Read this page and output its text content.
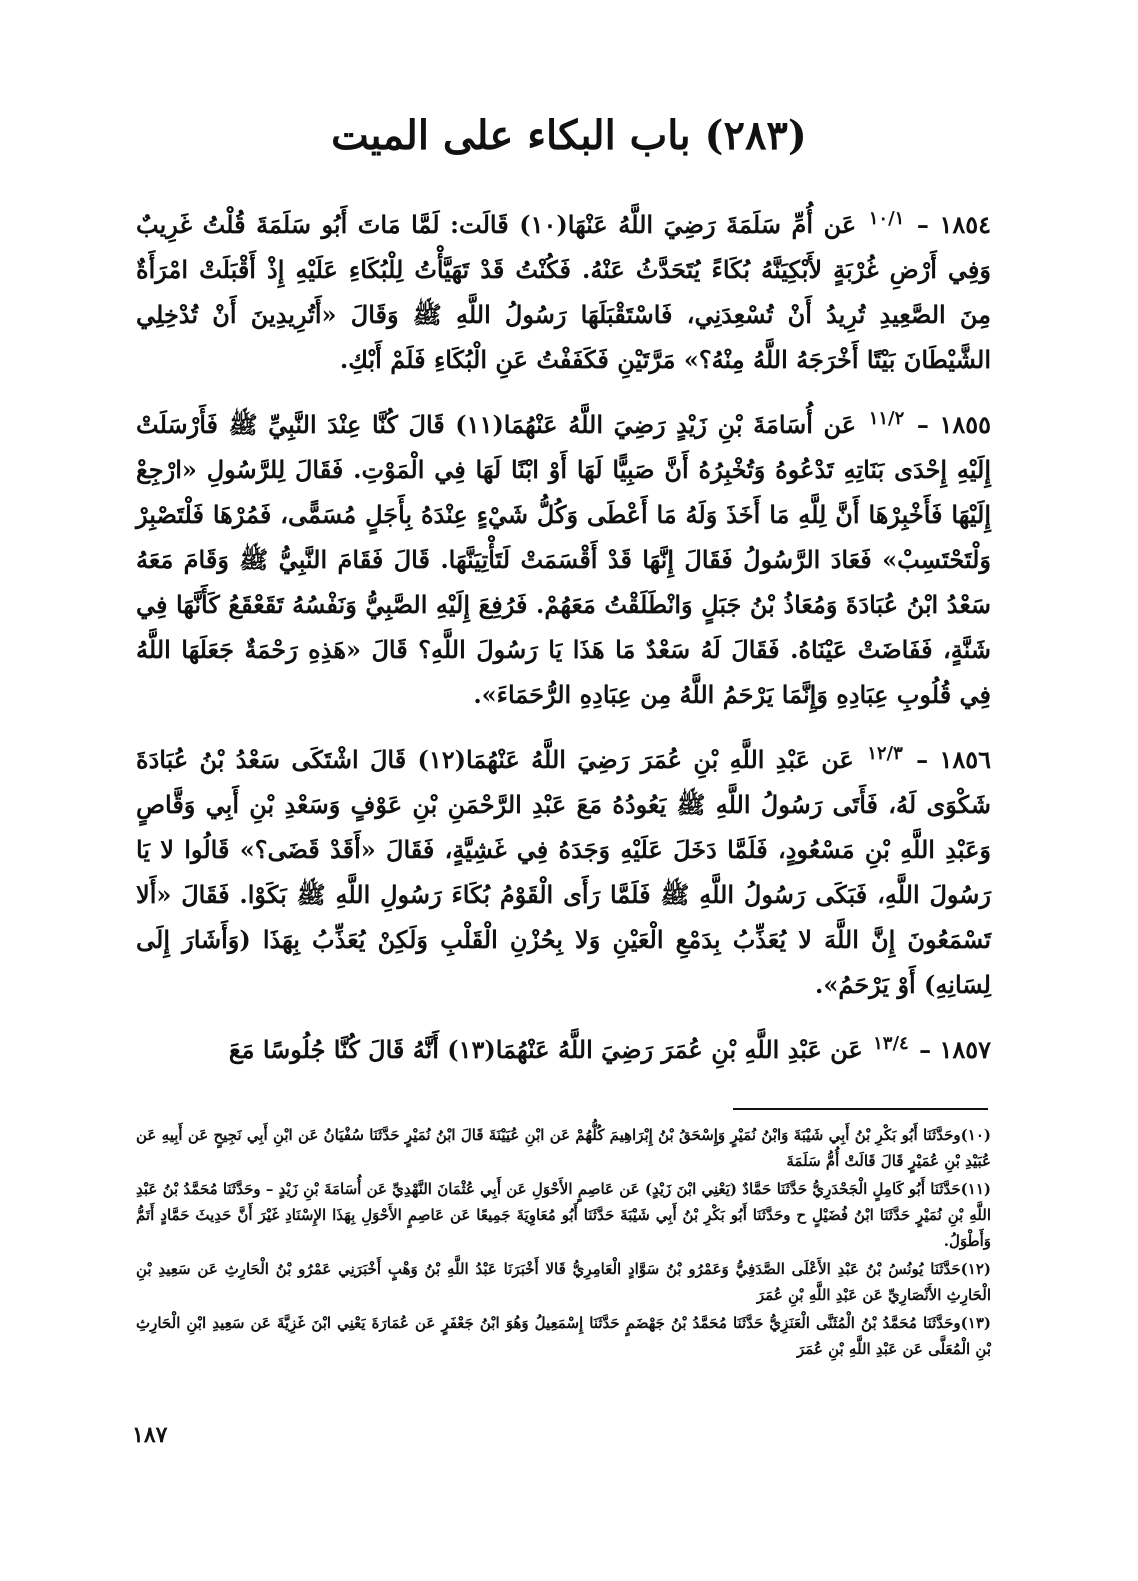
(٢٨٣) باب البكاء على الميت

١٨٥٤ – ١٠/١ عَن أُمِّ سَلَمَةَ رَضِيَ اللَّهُ عَنْهَا(١٠) قَالَت: لَمَّا مَاتَ أَبُو سَلَمَةَ قُلْتُ غَرِيبٌ وَفِي أَرْضِ غُرْبَةٍ لأَبْكِيَنَّهُ بُكَاءً يُتَحَدَّثُ عَنْهُ. فَكُنْتُ قَدْ تَهَيَّأْتُ لِلْبُكَاءِ عَلَيْهِ إِذْ أَقْبَلَتْ امْرَأَةٌ مِنَ الصَّعِيدِ تُرِيدُ أَنْ تُسْعِدَنِي، فَاسْتَقْبَلَهَا رَسُولُ اللَّهِ ﷺ وَقَالَ «أَتُرِيدِينَ أَنْ تُدْخِلِي الشَّيْطَانَ بَيْتًا أَخْرَجَهُ اللَّهُ مِنْهُ؟» مَرَّتَيْنِ فَكَفَفْتُ عَنِ الْبُكَاءِ فَلَمْ أَبْكِ.

١٨٥٥ – ١١/٢ عَن أُسَامَةَ بْنِ زَيْدٍ رَضِيَ اللَّهُ عَنْهُمَا(١١) قَالَ كُنَّا عِنْدَ النَّبِيِّ ﷺ فَأَرْسَلَتْ إِلَيْهِ إِحْدَى بَنَاتِهِ تَدْعُوهُ وَتُخْبِرُهُ أَنَّ صَبِيًّا لَهَا أَوْ ابْنًا لَهَا فِي الْمَوْتِ. فَقَالَ لِلرَّسُولِ «ارْجِعْ إِلَيْهَا فَأَخْبِرْهَا أَنَّ لِلَّهِ مَا أَخَذَ وَلَهُ مَا أَعْطَى وَكُلُّ شَيْءٍ عِنْدَهُ بِأَجَلٍ مُسَمًّى، فَمُرْهَا فَلْتَصْبِرْ وَلْتَحْتَسِبْ» فَعَادَ الرَّسُولُ فَقَالَ إِنَّهَا قَدْ أَقْسَمَتْ لَتَأْتِيَنَّهَا. قَالَ فَقَامَ النَّبِيُّ ﷺ وَقَامَ مَعَهُ سَعْدُ ابْنُ عُبَادَةَ وَمُعَاذُ بْنُ جَبَلٍ وَانْطَلَقْتُ مَعَهُمْ. فَرُفِعَ إِلَيْهِ الصَّبِيُّ وَنَفْسُهُ تَقَعْقَعُ كَأَنَّهَا فِي شَنَّةٍ، فَفَاضَتْ عَيْنَاهُ. فَقَالَ لَهُ سَعْدٌ مَا هَذَا يَا رَسُولَ اللَّهِ؟ قَالَ «هَذِهِ رَحْمَةٌ جَعَلَهَا اللَّهُ فِي قُلُوبِ عِبَادِهِ وَإِنَّمَا يَرْحَمُ اللَّهُ مِن عِبَادِهِ الرُّحَمَاءَ».

١٨٥٦ – ١٢/٣ عَن عَبْدِ اللَّهِ بْنِ عُمَرَ رَضِيَ اللَّهُ عَنْهُمَا(١٢) قَالَ اشْتَكَى سَعْدُ بْنُ عُبَادَةَ شَكْوَى لَهُ، فَأَتَى رَسُولُ اللَّهِ ﷺ يَعُودُهُ مَعَ عَبْدِ الرَّحْمَنِ بْنِ عَوْفٍ وَسَعْدِ بْنِ أَبِي وَقَّاصٍ وَعَبْدِ اللَّهِ بْنِ مَسْعُودٍ، فَلَمَّا دَخَلَ عَلَيْهِ وَجَدَهُ فِي غَشِيَّةٍ، فَقَالَ «أَقَدْ قَضَى؟» قَالُوا لا يَا رَسُولَ اللَّهِ، فَبَكَى رَسُولُ اللَّهِ ﷺ فَلَمَّا رَأَى الْقَوْمُ بُكَاءَ رَسُولِ اللَّهِ ﷺ بَكَوْا. فَقَالَ «أَلا تَسْمَعُونَ إِنَّ اللَّهَ لا يُعَذِّبُ بِدَمْعِ الْعَيْنِ وَلا بِحُزْنِ الْقَلْبِ وَلَكِنْ يُعَذِّبُ بِهَذَا (وَأَشَارَ إِلَى لِسَانِهِ) أَوْ يَرْحَمُ».

١٨٥٧ – ١٣/٤ عَن عَبْدِ اللَّهِ بْنِ عُمَرَ رَضِيَ اللَّهُ عَنْهُمَا(١٣) أَنَّهُ قَالَ كُنَّا جُلُوسًا مَعَ

(١٠)وحَدَّثَنَا أَبُو بَكْرِ بْنُ أَبِي شَيْبَةَ وَابْنُ نُمَيْرٍ وَإِسْحَقُ بْنُ إِبْرَاهِيمَ كُلُّهُمْ عَن ابْنِ عُيَيْنَةَ قَالَ ابْنُ نُمَيْرٍ حَدَّثَنَا سُفْيَانُ عَن ابْنِ أَبِي نَجِيحٍ عَن أَبِيهِ عَن عُبَيْدِ بْنِ عُمَيْرٍ قَالَ قَالَتْ أُمُّ سَلَمَةَ

(١١)حَدَّثَنَا أَبُو كَامِلٍ الْجَحْدَرِيُّ حَدَّثَنَا حَمَّادٌ (يَعْنِي ابْنَ زَيْدٍ) عَن عَاصِمٍ الأَحْوَلِ عَن أَبِي عُثْمَانَ النَّهْدِيِّ عَن أُسَامَةَ بْنِ زَيْدٍ – وحَدَّثَنَا مُحَمَّدُ بْنُ عَبْدِ اللَّهِ بْنِ نُمَيْرٍ حَدَّثَنَا ابْنُ فُضَيْلٍ ح وحَدَّثَنَا أَبُو بَكْرِ بْنُ أَبِي شَيْبَةَ حَدَّثَنَا أَبُو مُعَاوِيَةَ جَمِيعًا عَن عَاصِمٍ الأَحْوَلِ بِهَذَا الإِسْنَادِ غَيْرَ أَنَّ حَدِيثَ حَمَّادٍ أَتَمُّ وَأَطْوَلُ.

(١٢)حَدَّثَنَا يُونُسُ بْنُ عَبْدِ الأَعْلَى الصَّدَفِيُّ وَعَمْرُو بْنُ سَوَّادٍ الْعَامِرِيُّ قَالا أَخْبَرَنَا عَبْدُ اللَّهِ بْنُ وَهْبٍ أَخْبَرَنِي عَمْرُو بْنُ الْحَارِثِ عَن سَعِيدِ بْنِ الْحَارِثِ الأَنْصَارِيِّ عَن عَبْدِ اللَّهِ بْنِ عُمَرَ

(١٣)وحَدَّثَنَا مُحَمَّدُ بْنُ الْمُثَنَّى الْعَنَزِيُّ حَدَّثَنَا مُحَمَّدُ بْنُ جَهْضَمٍ حَدَّثَنَا إِسْمَعِيلُ وَهُوَ ابْنُ جَعْفَرٍ عَن عُمَارَةَ يَعْنِي ابْنَ غَزِيَّةَ عَن سَعِيدِ ابْنِ الْحَارِثِ بْنِ الْمُعَلَّى عَن عَبْدِ اللَّهِ بْنِ عُمَرَ

١٨٧
